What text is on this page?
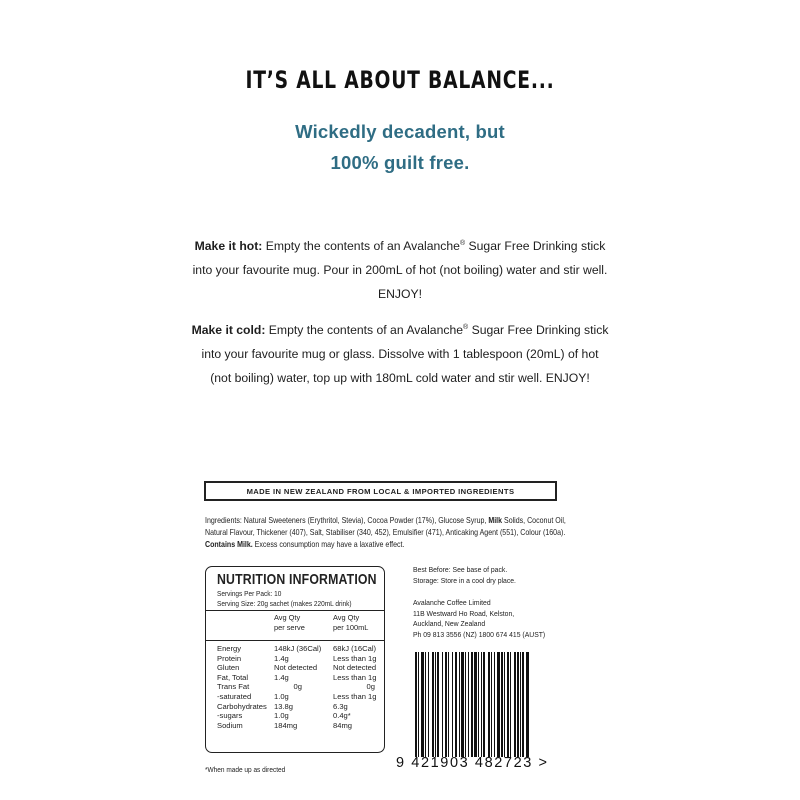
IT’S ALL ABOUT BALANCE...
Wickedly decadent, but
100% guilt free.
Make it hot: Empty the contents of an Avalanche® Sugar Free Drinking stick into your favourite mug. Pour in 200mL of hot (not boiling) water and stir well. ENJOY!
Make it cold: Empty the contents of an Avalanche® Sugar Free Drinking stick into your favourite mug or glass. Dissolve with 1 tablespoon (20mL) of hot (not boiling) water, top up with 180mL cold water and stir well. ENJOY!
MADE IN NEW ZEALAND FROM LOCAL & IMPORTED INGREDIENTS
Ingredients: Natural Sweeteners (Erythritol, Stevia), Cocoa Powder (17%), Glucose Syrup, Milk Solids, Coconut Oil, Natural Flavour, Thickener (407), Salt, Stabiliser (340, 452), Emulsifier (471), Anticaking Agent (551), Colour (160a). Contains Milk. Excess consumption may have a laxative effect.
NUTRITION INFORMATION
Servings Per Pack: 10
Serving Size: 20g sachet (makes 220mL drink)
Avg Qty
per serve
Avg Qty
per 100mL
Energy	148kJ (36Cal) 68kJ (16Cal)
Protein	1.4g	Less than 1g
Gluten	Not detected Not detected
Fat, Total	1.4g	Less than 1g
Trans Fat	0g	0g
-saturated	1.0g	Less than 1g
Carbohydrates 13.8g	6.3g
-sugars	1.0g	0.4g*
Sodium	184mg	84mg
*When made up as directed
Best Before: See base of pack.
Storage: Store in a cool dry place.
Avalanche Coffee Limited
11B Westward Ho Road, Kelston,
Auckland, New Zealand
Ph 09 813 3556 (NZ) 1800 674 415 (AUST)
9 421903 482723 >
